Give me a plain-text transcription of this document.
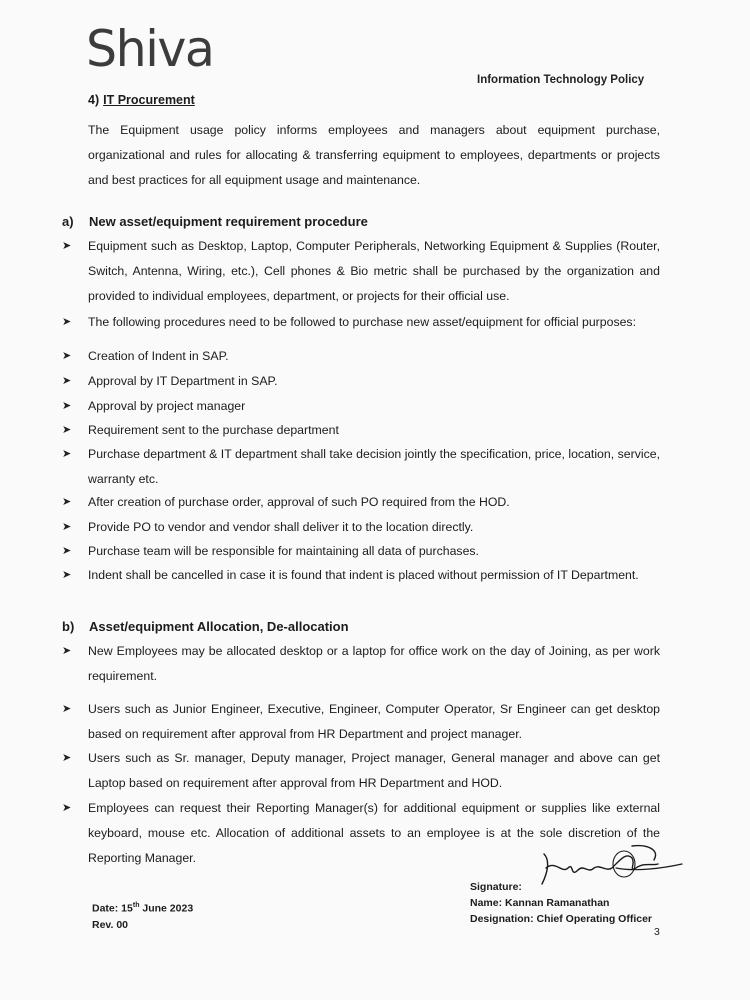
Shiva
Information Technology Policy
4) IT Procurement
The Equipment usage policy informs employees and managers about equipment purchase, organizational and rules for allocating & transferring equipment to employees, departments or projects and best practices for all equipment usage and maintenance.
a) New asset/equipment requirement procedure
➤ Equipment such as Desktop, Laptop, Computer Peripherals, Networking Equipment & Supplies (Router, Switch, Antenna, Wiring, etc.), Cell phones & Bio metric shall be purchased by the organization and provided to individual employees, department, or projects for their official use.
➤ The following procedures need to be followed to purchase new asset/equipment for official purposes:
➤ Creation of Indent in SAP.
➤ Approval by IT Department in SAP.
➤ Approval by project manager
➤ Requirement sent to the purchase department
➤ Purchase department & IT department shall take decision jointly the specification, price, location, service, warranty etc.
➤ After creation of purchase order, approval of such PO required from the HOD.
➤ Provide PO to vendor and vendor shall deliver it to the location directly.
➤ Purchase team will be responsible for maintaining all data of purchases.
➤ Indent shall be cancelled in case it is found that indent is placed without permission of IT Department.
b) Asset/equipment Allocation, De-allocation
➤ New Employees may be allocated desktop or a laptop for office work on the day of Joining, as per work requirement.
➤ Users such as Junior Engineer, Executive, Engineer, Computer Operator, Sr Engineer can get desktop based on requirement after approval from HR Department and project manager.
➤ Users such as Sr. manager, Deputy manager, Project manager, General manager and above can get Laptop based on requirement after approval from HR Department and HOD.
➤ Employees can request their Reporting Manager(s) for additional equipment or supplies like external keyboard, mouse etc. Allocation of additional assets to an employee is at the sole discretion of the Reporting Manager.
Date: 15th June 2023
Rev. 00
Signature:
Name: Kannan Ramanathan
Designation: Chief Operating Officer
3
